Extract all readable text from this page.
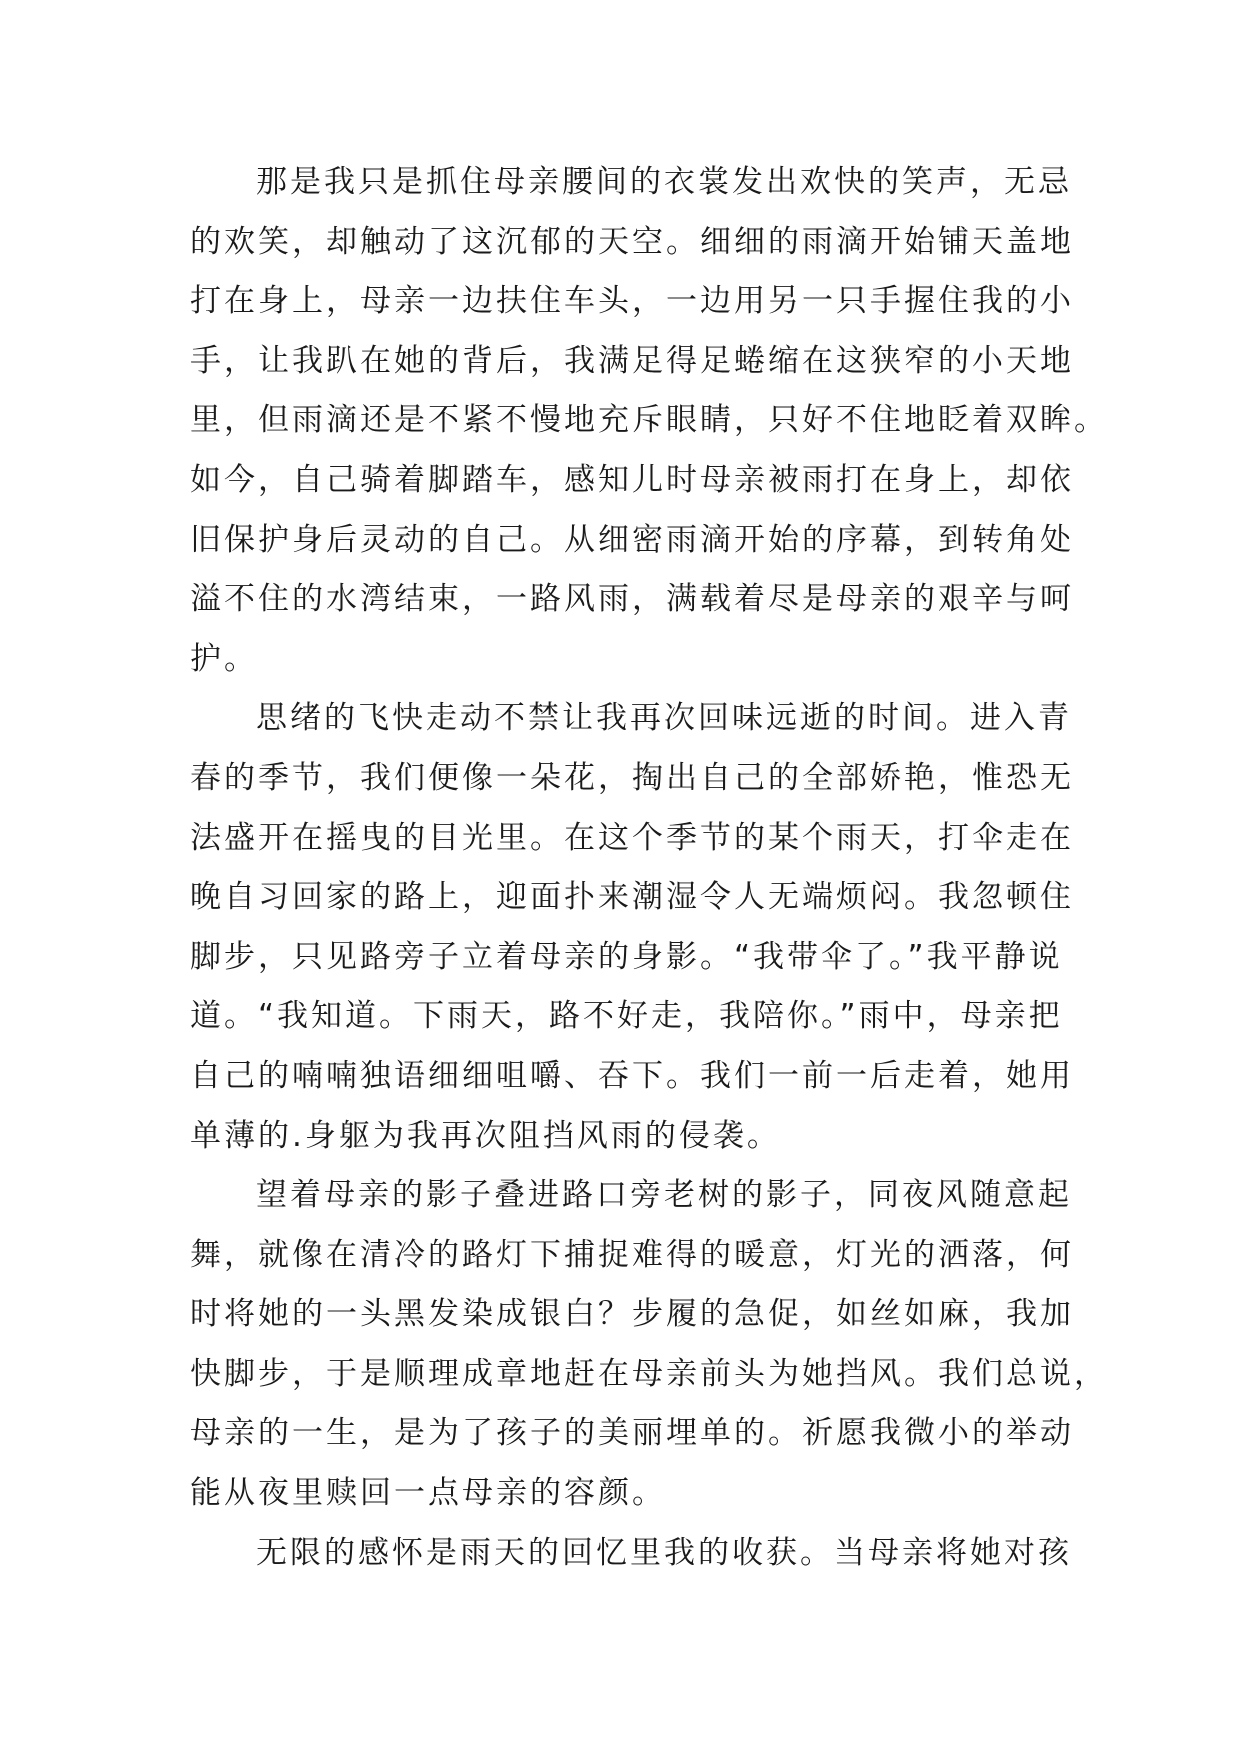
那是我只是抓住母亲腰间的衣裳发出欢快的笑声，无忌
的欢笑，却触动了这沉郁的天空。细细的雨滴开始铺天盖地
打在身上，母亲一边扶住车头，一边用另一只手握住我的小
手，让我趴在她的背后，我满足得足蜷缩在这狭窄的小天地
里，但雨滴还是不紧不慢地充斥眼睛，只好不住地眨着双眸。
如今，自己骑着脚踏车，感知儿时母亲被雨打在身上，却依
旧保护身后灵动的自己。从细密雨滴开始的序幕，到转角处
溢不住的水湾结束，一路风雨，满载着尽是母亲的艰辛与呵
护。
思绪的飞快走动不禁让我再次回味远逝的时间。进入青
春的季节，我们便像一朵花，掏出自己的全部娇艳，惟恐无
法盛开在摇曳的目光里。在这个季节的某个雨天，打伞走在
晚自习回家的路上，迎面扑来潮湿令人无端烦闷。我忽顿住
脚步，只见路旁子立着母亲的身影。“我带伞了。”我平静说
道。“我知道。下雨天，路不好走，我陪你。”雨中，母亲把
自己的喃喃独语细细咀嚼、吞下。我们一前一后走着，她用
单薄的.身躯为我再次阻挡风雨的侵袭。
望着母亲的影子叠进路口旁老树的影子，同夜风随意起
舞，就像在清冷的路灯下捕捉难得的暖意，灯光的洒落，何
时将她的一头黑发染成银白？步履的急促，如丝如麻，我加
快脚步，于是顺理成章地赶在母亲前头为她挡风。我们总说，
母亲的一生，是为了孩子的美丽埋单的。祈愿我微小的举动
能从夜里赎回一点母亲的容颜。
无限的感怀是雨天的回忆里我的收获。当母亲将她对孩
